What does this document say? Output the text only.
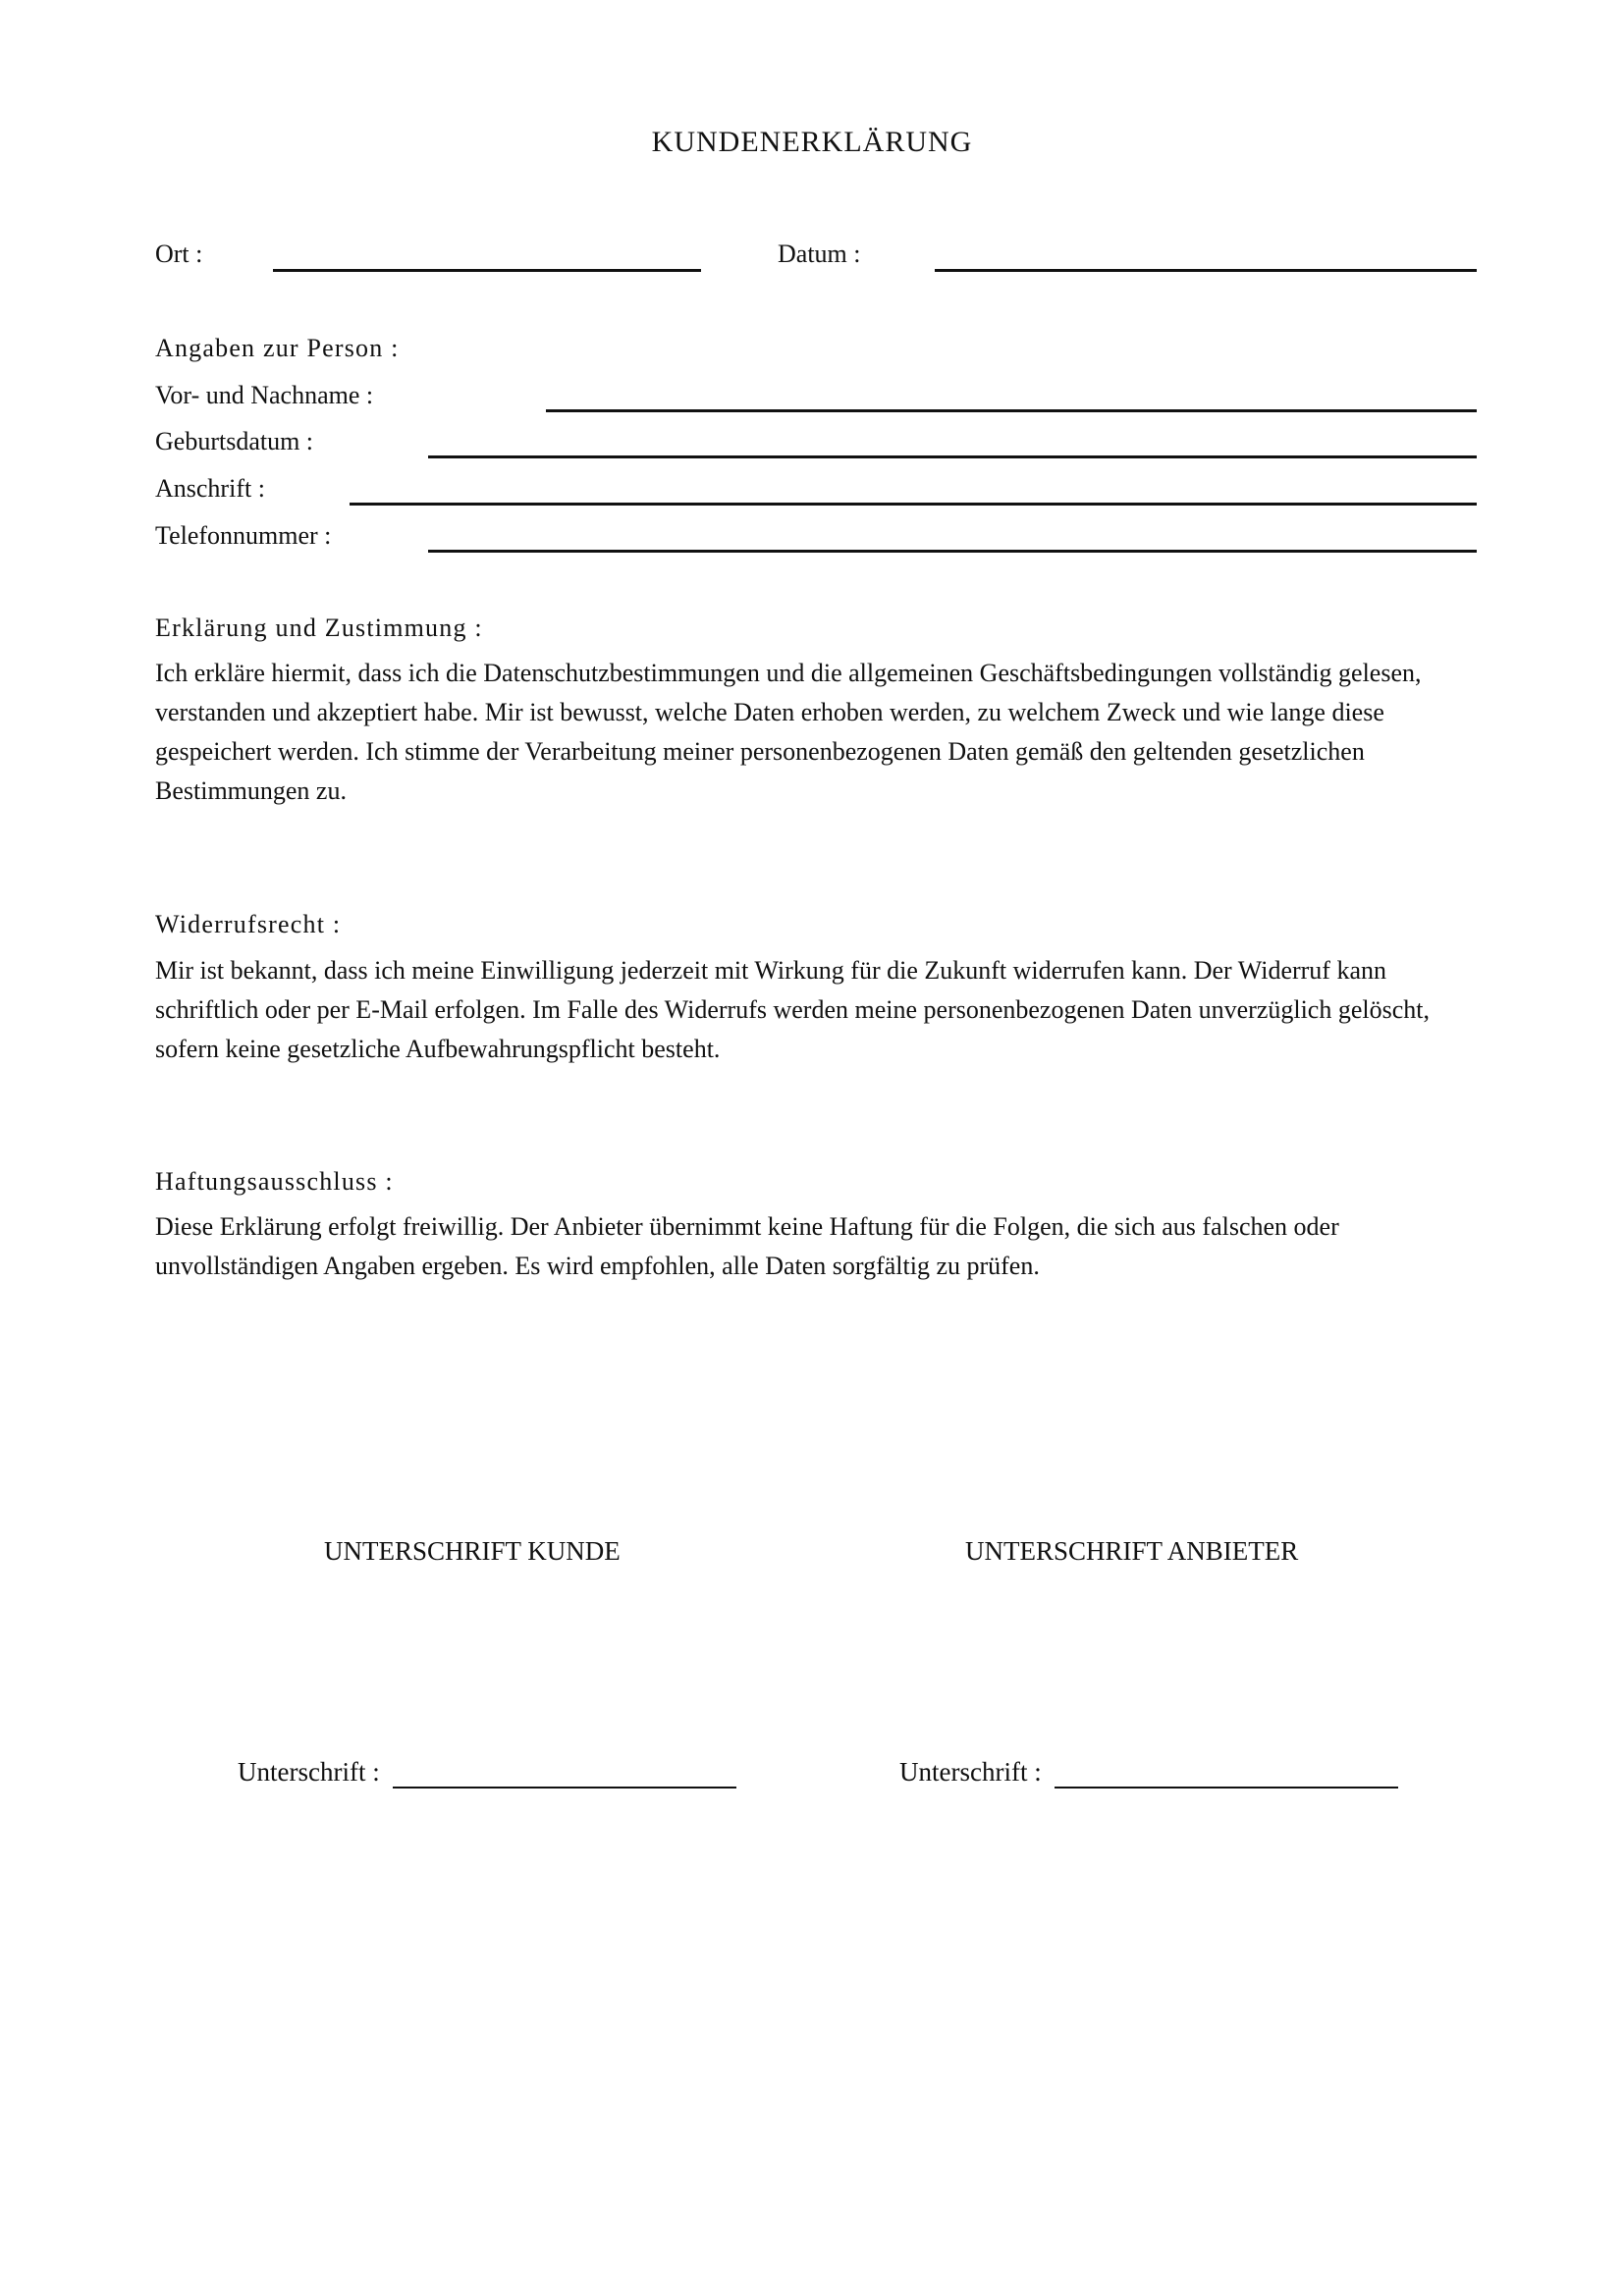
KUNDENERKLÄRUNG
Ort :	Datum :
Angaben zur Person :
Vor- und Nachname :
Geburtsdatum :
Anschrift :
Telefonnummer :
Erklärung und Zustimmung :

Ich erkläre hiermit, dass ich die Datenschutzbestimmungen und die allgemeinen Geschäftsbedingungen vollständig gelesen, verstanden und akzeptiert habe. Mir ist bewusst, welche Daten erhoben werden, zu welchem Zweck und wie lange diese gespeichert werden. Ich stimme der Verarbeitung meiner personenbezogenen Daten gemäß den geltenden gesetzlichen Bestimmungen zu.

Widerrufsrecht :

Mir ist bekannt, dass ich meine Einwilligung jederzeit mit Wirkung für die Zukunft widerrufen kann. Der Widerruf kann schriftlich oder per E-Mail erfolgen. Im Falle des Widerrufs werden meine personenbezogenen Daten unverzüglich gelöscht, sofern keine gesetzliche Aufbewahrungspflicht besteht.

Haftungsausschluss :

Diese Erklärung erfolgt freiwillig. Der Anbieter übernimmt keine Haftung für die Folgen, die sich aus falschen oder unvollständigen Angaben ergeben. Es wird empfohlen, alle Daten sorgfältig zu prüfen.

UNTERSCHRIFT KUNDE	UNTERSCHRIFT ANBIETER
Unterschrift :	Unterschrift :
